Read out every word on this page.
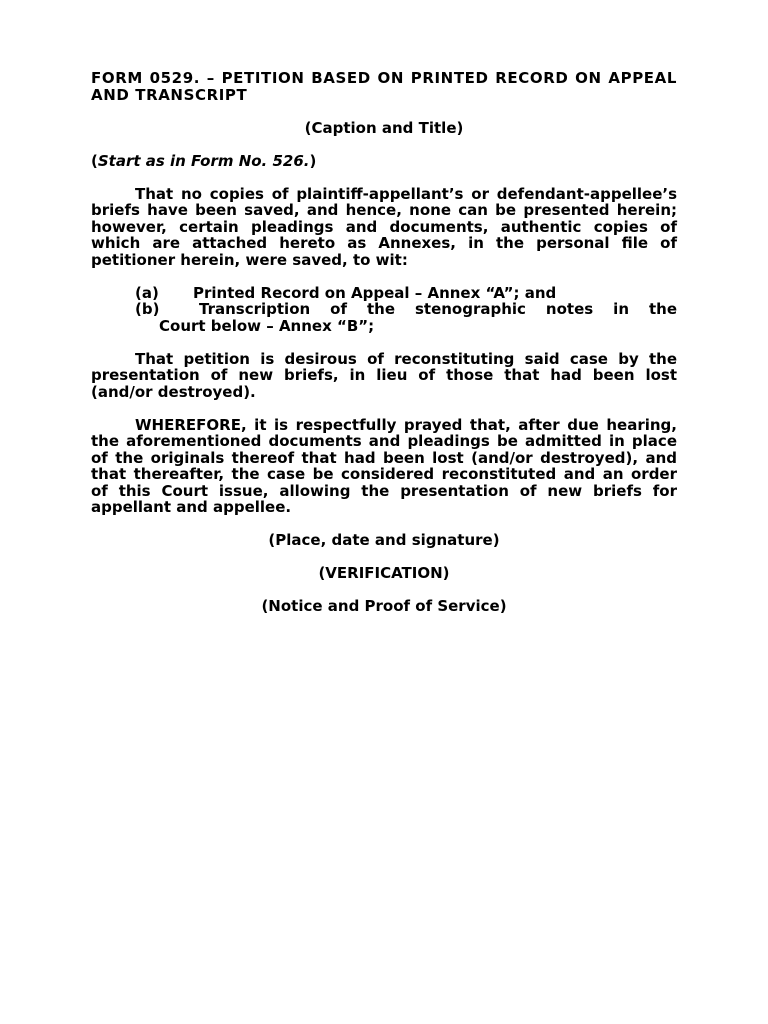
FORM 0529. – PETITION BASED ON PRINTED RECORD ON APPEAL AND TRANSCRIPT

(Caption and Title)

(Start as in Form No. 526.)

That no copies of plaintiff-appellant’s or defendant-appellee’s briefs have been saved, and hence, none can be presented herein; however, certain pleadings and documents, authentic copies of which are attached hereto as Annexes, in the personal file of petitioner herein, were saved, to wit:

(a)	Printed Record on Appeal – Annex “A”; and
(b)	Transcription of the stenographic notes in the
Court below – Annex “B”;

That petition is desirous of reconstituting said case by the presentation of new briefs, in lieu of those that had been lost (and/or destroyed).

WHEREFORE, it is respectfully prayed that, after due hearing, the aforementioned documents and pleadings be admitted in place of the originals thereof that had been lost (and/or destroyed), and that thereafter, the case be considered reconstituted and an order of this Court issue, allowing the presentation of new briefs for appellant and appellee.

(Place, date and signature)

(VERIFICATION)

(Notice and Proof of Service)
